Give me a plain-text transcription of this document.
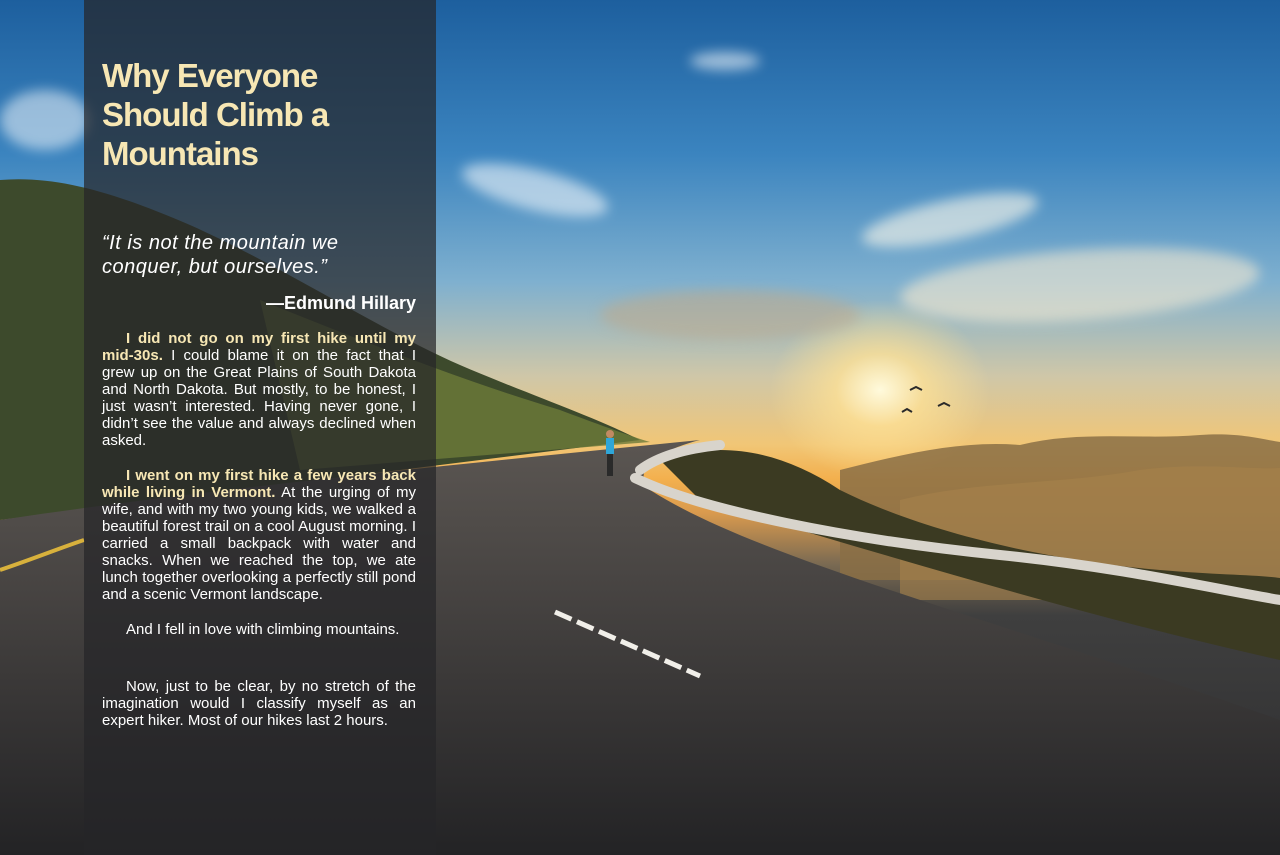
Why Everyone Should Climb a Mountains

“It is not the mountain we conquer, but ourselves.”

—Edmund Hillary

I did not go on my first hike until my mid-30s. I could blame it on the fact that I grew up on the Great Plains of South Dakota and North Dakota. But mostly, to be honest, I just wasn’t interested. Having never gone, I didn’t see the value and always declined when asked.

I went on my first hike a few years back while living in Vermont. At the urging of my wife, and with my two young kids, we walked a beautiful forest trail on a cool August morning. I carried a small backpack with water and snacks. When we reached the top, we ate lunch together overlooking a perfectly still pond and a scenic Vermont landscape.

And I fell in love with climbing mountains.

Now, just to be clear, by no stretch of the imagination would I classify myself as an expert hiker. Most of our hikes last 2 hours.
